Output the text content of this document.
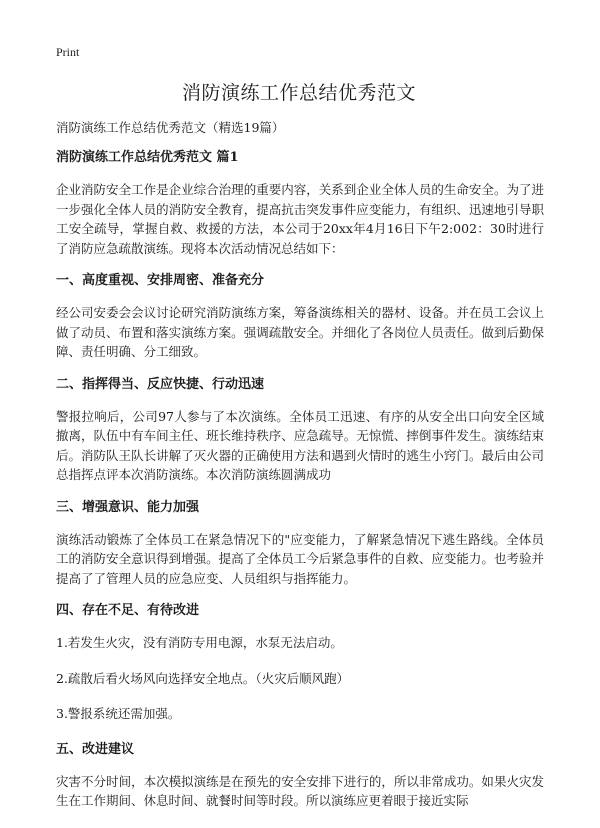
Print
消防演练工作总结优秀范文
消防演练工作总结优秀范文（精选19篇）
消防演练工作总结优秀范文 篇1

企业消防安全工作是企业综合治理的重要内容，关系到企业全体人员的生命安全。为了进一步强化全体人员的消防安全教育，提高抗击突发事件应变能力，有组织、迅速地引导职工安全疏导，掌握自救、救援的方法，本公司于20xx年4月16日下午2:002：30时进行了消防应急疏散演练。现将本次活动情况总结如下：

一、高度重视、安排周密、准备充分

经公司安委会会议讨论研究消防演练方案，筹备演练相关的器材、设备。并在员工会议上做了动员、布置和落实演练方案。强调疏散安全。并细化了各岗位人员责任。做到后勤保障、责任明确、分工细致。

二、指挥得当、反应快捷、行动迅速

警报拉响后，公司97人参与了本次演练。全体员工迅速、有序的从安全出口向安全区域撤离，队伍中有车间主任、班长维持秩序、应急疏导。无惊慌、摔倒事件发生。演练结束后。消防队王队长讲解了灭火器的正确使用方法和遇到火情时的逃生小窍门。最后由公司总指挥点评本次消防演练。本次消防演练圆满成功

三、增强意识、能力加强

演练活动锻炼了全体员工在紧急情况下的"应变能力，了解紧急情况下逃生路线。全体员工的消防安全意识得到增强。提高了全体员工今后紧急事件的自救、应变能力。也考验并提高了了管理人员的应急应变、人员组织与指挥能力。

四、存在不足、有待改进

1.若发生火灾，没有消防专用电源，水泵无法启动。

2.疏散后看火场风向选择安全地点。（火灾后顺风跑）

3.警报系统还需加强。

五、改进建议

灾害不分时间，本次模拟演练是在预先的安全安排下进行的，所以非常成功。如果火灾发生在工作期间、休息时间、就餐时间等时段。所以演练应更着眼于接近实际
